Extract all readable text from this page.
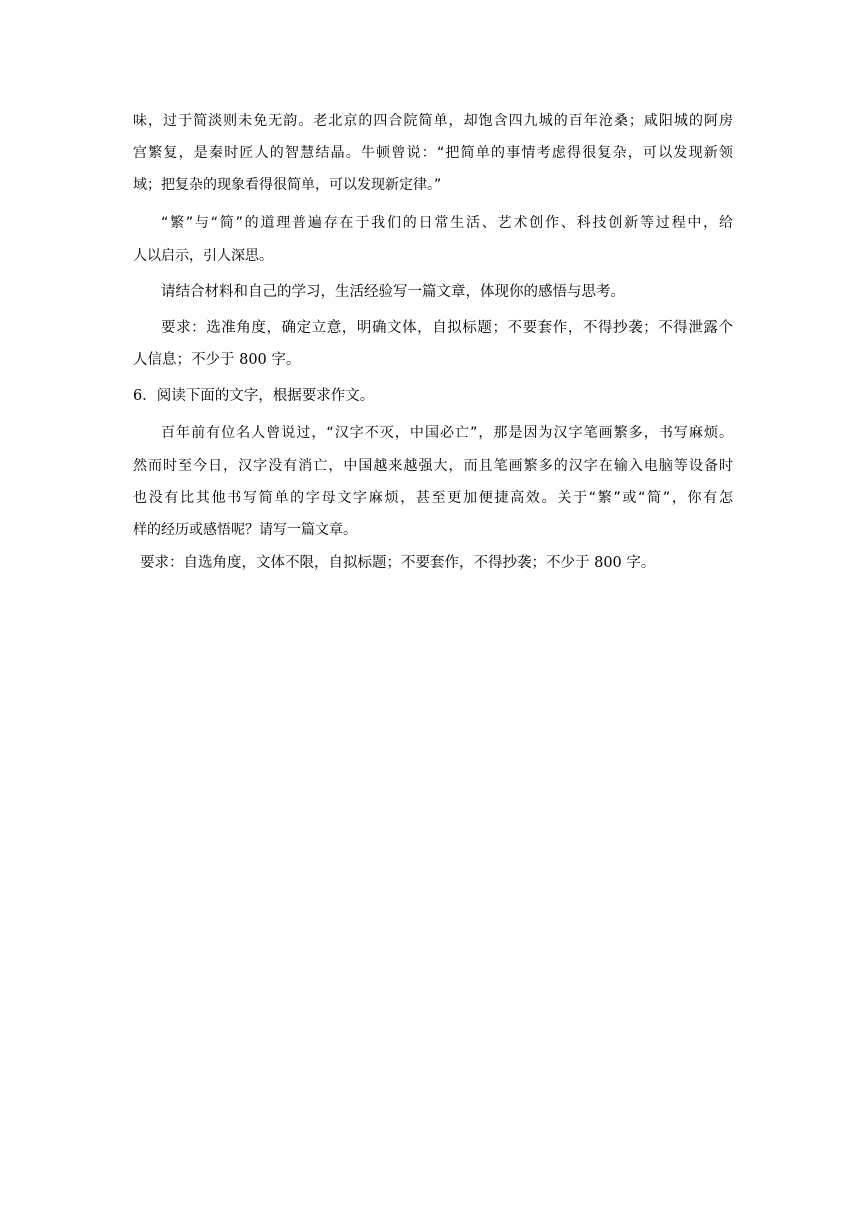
味，过于简淡则未免无韵。老北京的四合院简单，却饱含四九城的百年沧桑；咸阳城的阿房
宫繁复，是秦时匠人的智慧结晶。牛顿曾说：“把简单的事情考虑得很复杂，可以发现新领
域；把复杂的现象看得很简单，可以发现新定律。”
“繁”与“简”的道理普遍存在于我们的日常生活、艺术创作、科技创新等过程中，给
人以启示，引人深思。
请结合材料和自己的学习，生活经验写一篇文章，体现你的感悟与思考。
要求：选准角度，确定立意，明确文体，自拟标题；不要套作，不得抄袭；不得泄露个
人信息；不少于 800 字。
6．阅读下面的文字，根据要求作文。
百年前有位名人曾说过，“汉字不灭，中国必亡”，那是因为汉字笔画繁多，书写麻烦。
然而时至今日，汉字没有消亡，中国越来越强大，而且笔画繁多的汉字在输入电脑等设备时
也没有比其他书写简单的字母文字麻烦，甚至更加便捷高效。关于“繁”或“简”，你有怎
样的经历或感悟呢？请写一篇文章。
要求：自选角度，文体不限，自拟标题；不要套作，不得抄袭；不少于 800 字。
